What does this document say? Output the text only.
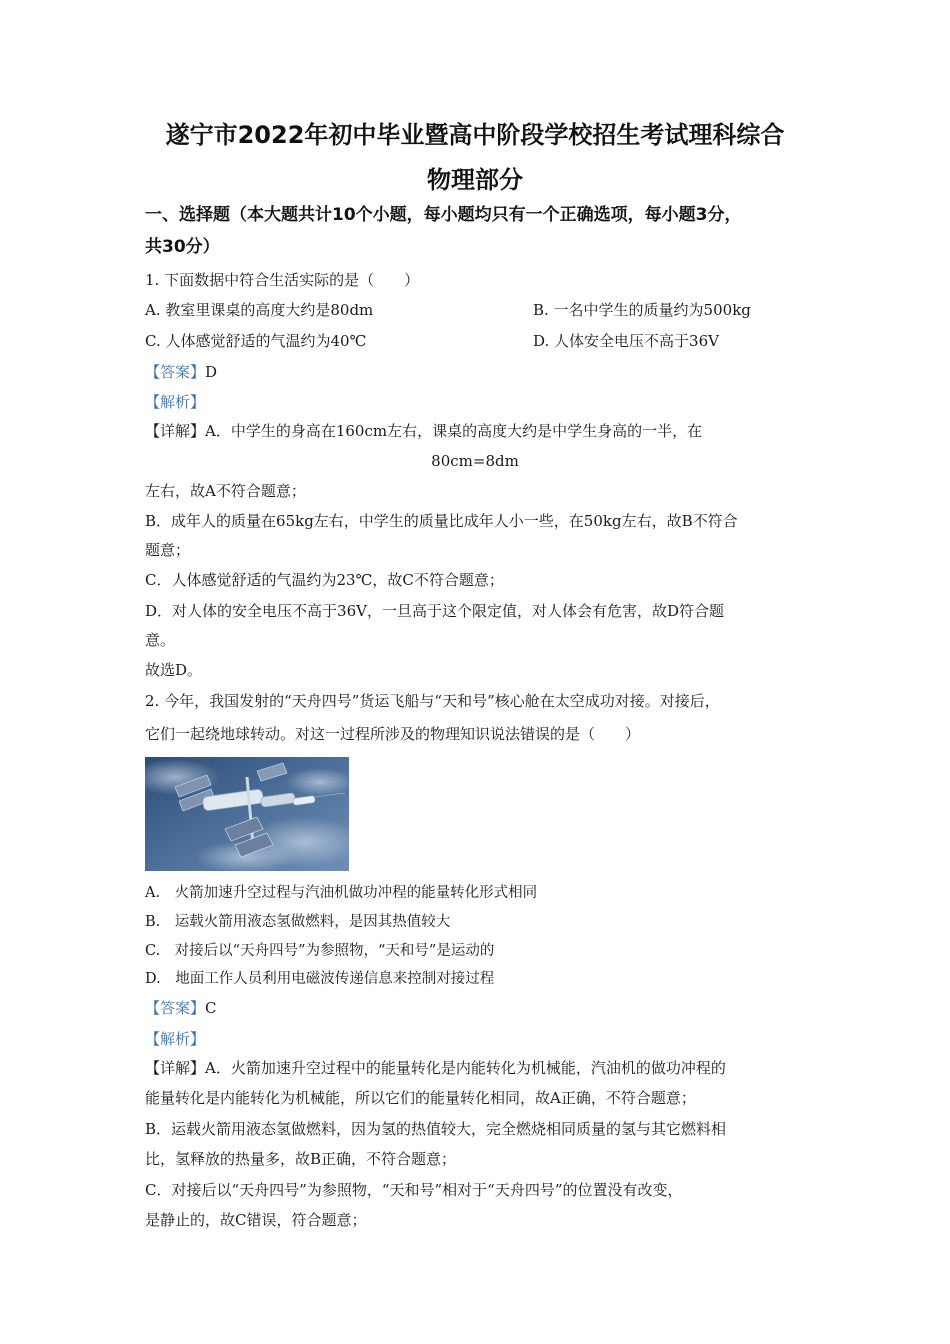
遂宁市2022年初中毕业暨高中阶段学校招生考试理科综合
物理部分
一、选择题（本大题共计10个小题，每小题均只有一个正确选项，每小题3分，
共30分）
1. 下面数据中符合生活实际的是（　　）
A. 教室里课桌的高度大约是80dm	B. 一名中学生的质量约为500kg
C. 人体感觉舒适的气温约为40℃	D. 人体安全电压不高于36V
【答案】D
【解析】
【详解】A．中学生的身高在160cm左右，课桌的高度大约是中学生身高的一半，在
80cm=8dm
左右，故A不符合题意；
B．成年人的质量在65kg左右，中学生的质量比成年人小一些，在50kg左右，故B不符合
题意；
C．人体感觉舒适的气温约为23℃，故C不符合题意；
D．对人体的安全电压不高于36V，一旦高于这个限定值，对人体会有危害，故D符合题
意。
故选D。
2. 今年，我国发射的“天舟四号”货运飞船与“天和号”核心舱在太空成功对接。对接后，
它们一起绕地球转动。对这一过程所涉及的物理知识说法错误的是（　　）
A.　火箭加速升空过程与汽油机做功冲程的能量转化形式相同
B.　运载火箭用液态氢做燃料，是因其热值较大
C.　对接后以“天舟四号”为参照物，“天和号”是运动的
D.　地面工作人员利用电磁波传递信息来控制对接过程
【答案】C
【解析】
【详解】A．火箭加速升空过程中的能量转化是内能转化为机械能，汽油机的做功冲程的
能量转化是内能转化为机械能，所以它们的能量转化相同，故A正确，不符合题意；
B．运载火箭用液态氢做燃料，因为氢的热值较大，完全燃烧相同质量的氢与其它燃料相
比，氢释放的热量多，故B正确，不符合题意；
C．对接后以“天舟四号”为参照物，“天和号”相对于“天舟四号”的位置没有改变，
是静止的，故C错误，符合题意；
